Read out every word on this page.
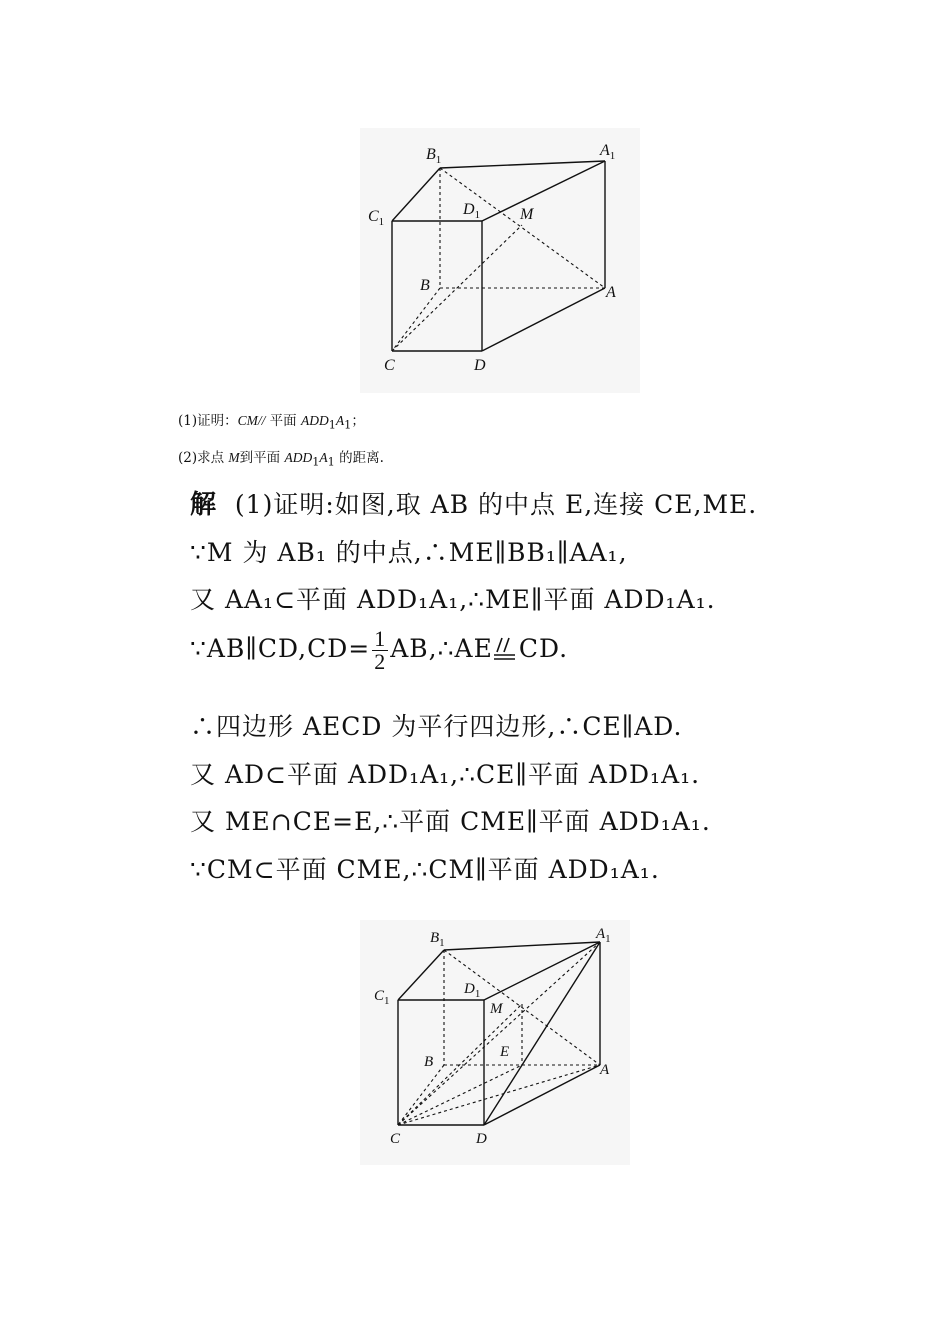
$B_1$
$A_1$
$C_1$
$D_1$ M
B	A
C	D
(1)证明：CM// 平面 $ADD_1A_1$；
(2)求点 M到平面 $ADD_1A_1$ 的距离.
解 (1)证明:如图,取 AB 的中点 E,连接 CE,ME.
∵M 为 AB₁ 的中点,∴ME∥BB₁∥AA₁,
又 AA₁⊂平面 ADD₁A₁,∴ME∥平面 ADD₁A₁.
∵AB∥CD,CD= $\frac{1}{2}$ AB,∴AE CD.
∴四边形 AECD 为平行四边形,∴CE∥AD.
又 AD⊂平面 ADD₁A₁,∴CE∥平面 ADD₁A₁.
又 ME∩CE=E,∴平面 CME∥平面 ADD₁A₁.
∵CM⊂平面 CME,∴CM∥平面 ADD₁A₁.
$B_1$
$A_1$
$C_1$
$D_1$
M
E
B	A
C	D
